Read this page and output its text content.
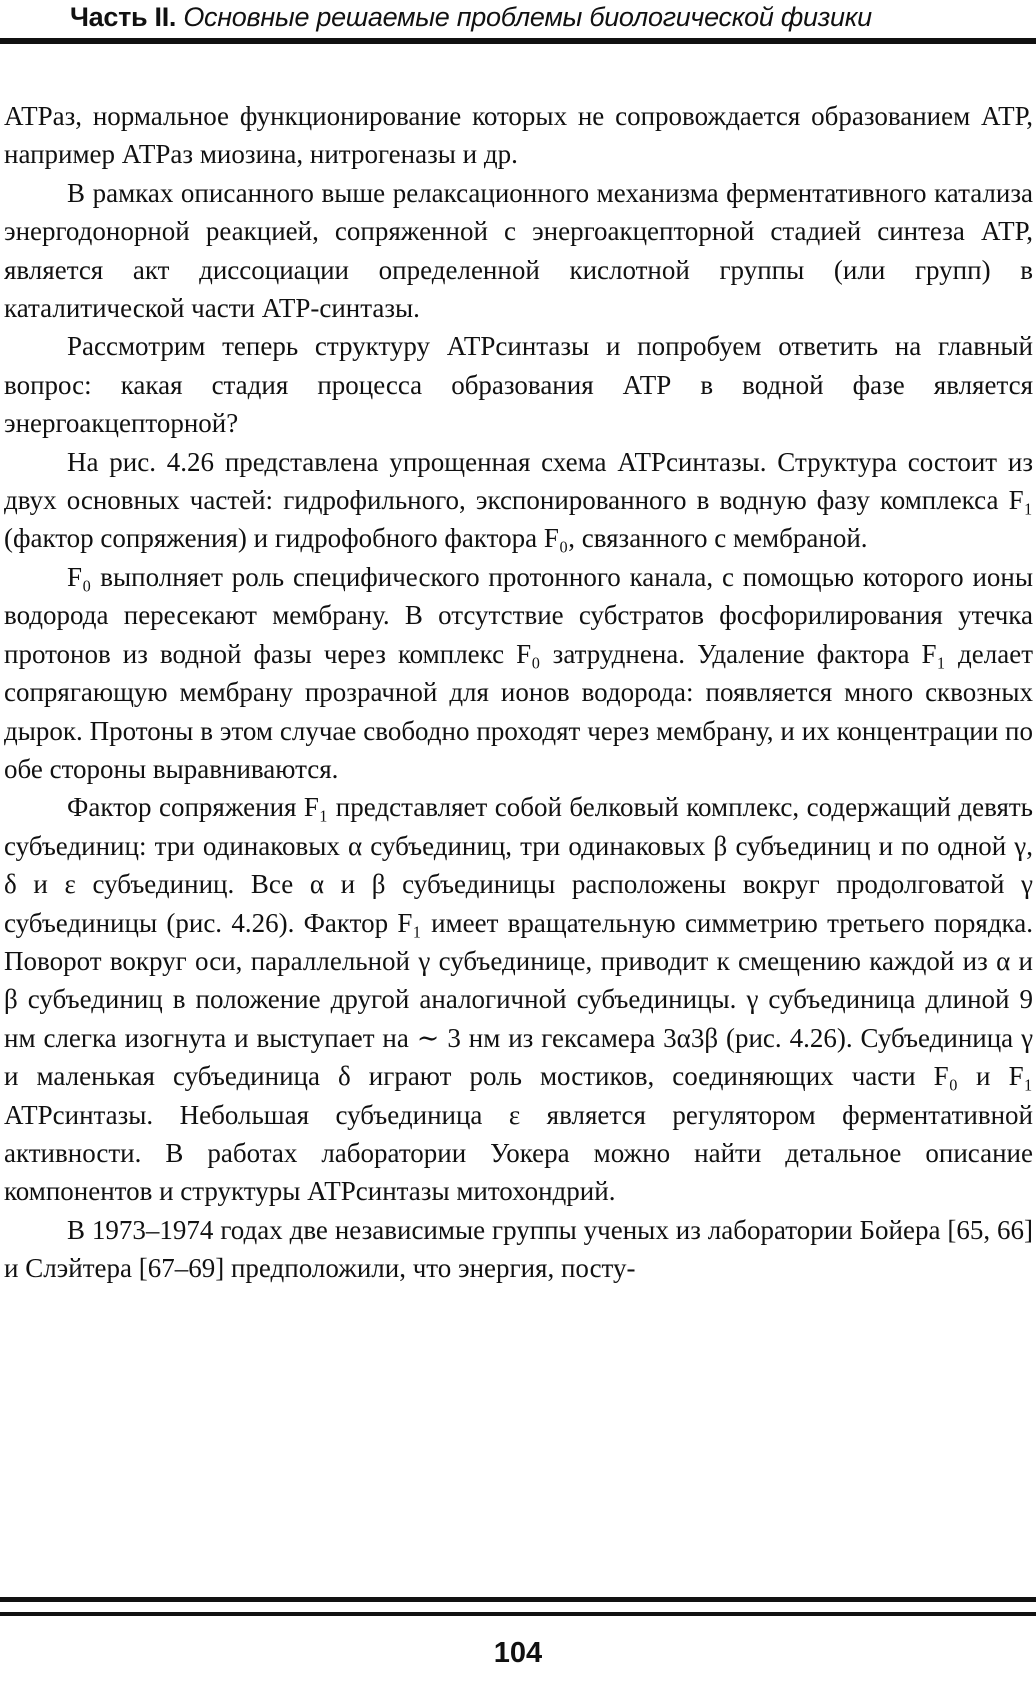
Часть II. Основные решаемые проблемы биологической физики

АТРаз, нормальное функционирование которых не сопровождается образованием АТР, например АТРаз миозина, нитрогеназы и др.

В рамках описанного выше релаксационного механизма ферментативного катализа энергодонорной реакцией, сопряженной с энергоакцепторной стадией синтеза АТР, является акт диссоциации определенной кислотной группы (или групп) в каталитической части АТР-синтазы.

Рассмотрим теперь структуру АТРсинтазы и попробуем ответить на главный вопрос: какая стадия процесса образования АТР в водной фазе является энергоакцепторной?

На рис. 4.26 представлена упрощенная схема АТРсинтазы. Структура состоит из двух основных частей: гидрофильного, экспонированного в водную фазу комплекса F₁ (фактор сопряжения) и гидрофобного фактора F₀, связанного с мембраной.

F₀ выполняет роль специфического протонного канала, с помощью которого ионы водорода пересекают мембрану. В отсутствие субстратов фосфорилирования утечка протонов из водной фазы через комплекс F₀ затруднена. Удаление фактора F₁ делает сопрягающую мембрану прозрачной для ионов водорода: появляется много сквозных дырок. Протоны в этом случае свободно проходят через мембрану, и их концентрации по обе стороны выравниваются.

Фактор сопряжения F₁ представляет собой белковый комплекс, содержащий девять субъединиц: три одинаковых α субъединиц, три одинаковых β субъединиц и по одной γ, δ и ε субъединиц. Все α и β субъединицы расположены вокруг продолговатой γ субъединицы (рис. 4.26). Фактор F₁ имеет вращательную симметрию третьего порядка. Поворот вокруг оси, параллельной γ субъединице, приводит к смещению каждой из α и β субъединиц в положение другой аналогичной субъединицы. γ субъединица длиной 9 нм слегка изогнута и выступает на ∼ 3 нм из гексамера 3α3β (рис. 4.26). Субъединица γ и маленькая субъединица δ играют роль мостиков, соединяющих части F₀ и F₁ АТРсинтазы. Небольшая субъединица ε является регулятором ферментативной активности. В работах лаборатории Уокера можно найти детальное описание компонентов и структуры АТРсинтазы митохондрий.

В 1973–1974 годах две независимые группы ученых из лаборатории Бойера [65, 66] и Слэйтера [67–69] предположили, что энергия, посту-

104
